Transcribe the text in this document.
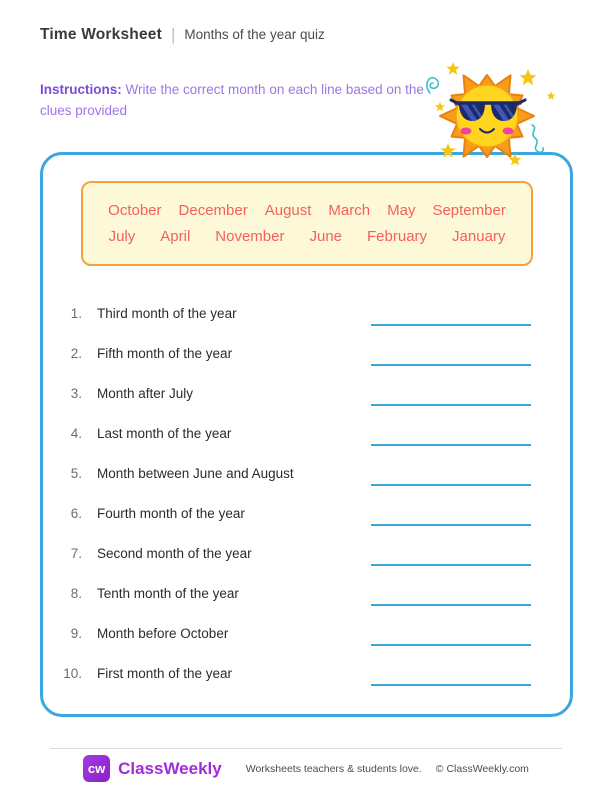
Time Worksheet | Months of the year quiz

Instructions: Write the correct month on each line based on the clues provided

October December August March May September
July April November June February January
1.	Third month of the year
2.	Fifth month of the year
3.	Month after July
4.	Last month of the year
5.	Month between June and August
6.	Fourth month of the year
7.	Second month of the year
8.	Tenth month of the year
9.	Month before October
10.	First month of the year
cw ClassWeekly Worksheets teachers & students love. © ClassWeekly.com
